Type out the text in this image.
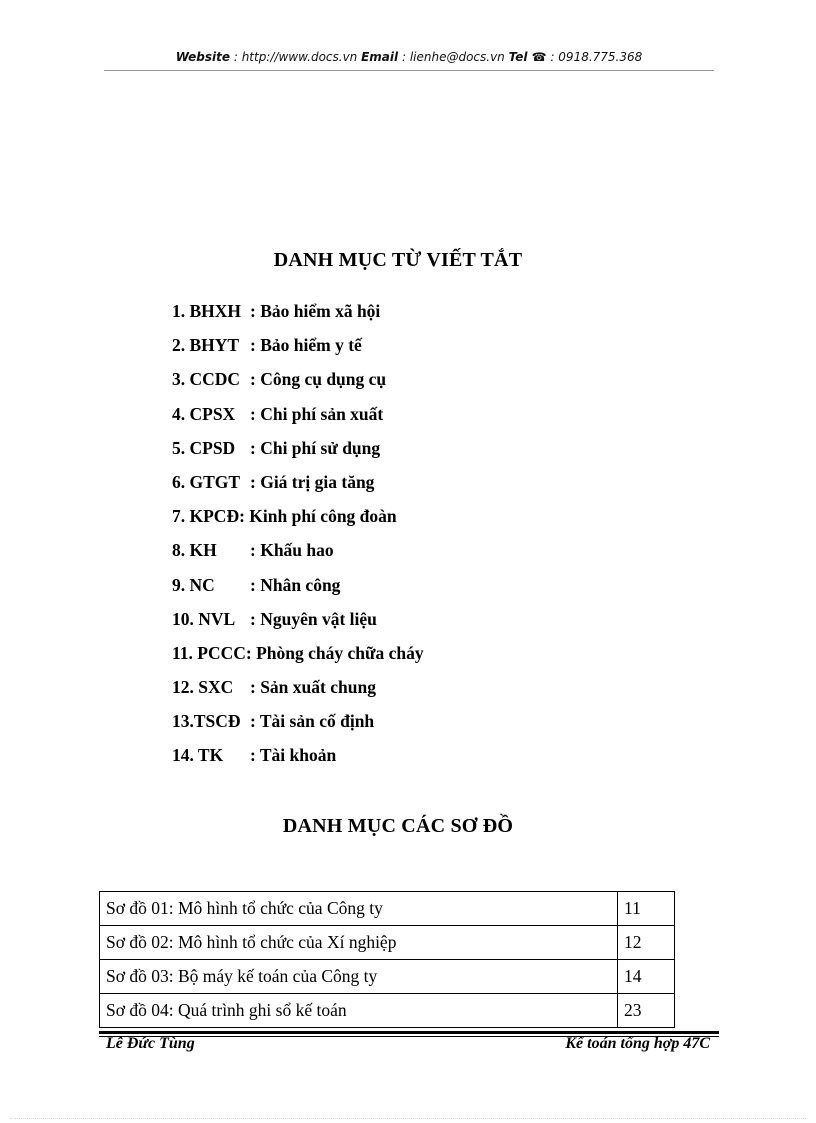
Website : http://www.docs.vn Email : lienhe@docs.vn Tel ☎ : 0918.775.368
DANH MỤC TỪ VIẾT TẮT
1. BHXH : Bảo hiểm xã hội
2. BHYT : Bảo hiểm y tế
3. CCDC : Công cụ dụng cụ
4. CPSX : Chi phí sản xuất
5. CPSD : Chi phí sử dụng
6. GTGT : Giá trị gia tăng
7. KPCĐ: Kinh phí công đoàn
8. KH : Khấu hao
9. NC : Nhân công
10. NVL : Nguyên vật liệu
11. PCCC: Phòng cháy chữa cháy
12. SXC : Sản xuất chung
13.TSCĐ : Tài sản cố định
14. TK : Tài khoản
DANH MỤC CÁC SƠ ĐỒ
Sơ đồ 01: Mô hình tổ chức của Công ty	11
Sơ đồ 02: Mô hình tổ chức của Xí nghiệp	12
Sơ đồ 03: Bộ máy kế toán của Công ty	14
Sơ đồ 04: Quá trình ghi sổ kế toán	23
Lê Đức Tùng	Kế toán tổng hợp 47C
